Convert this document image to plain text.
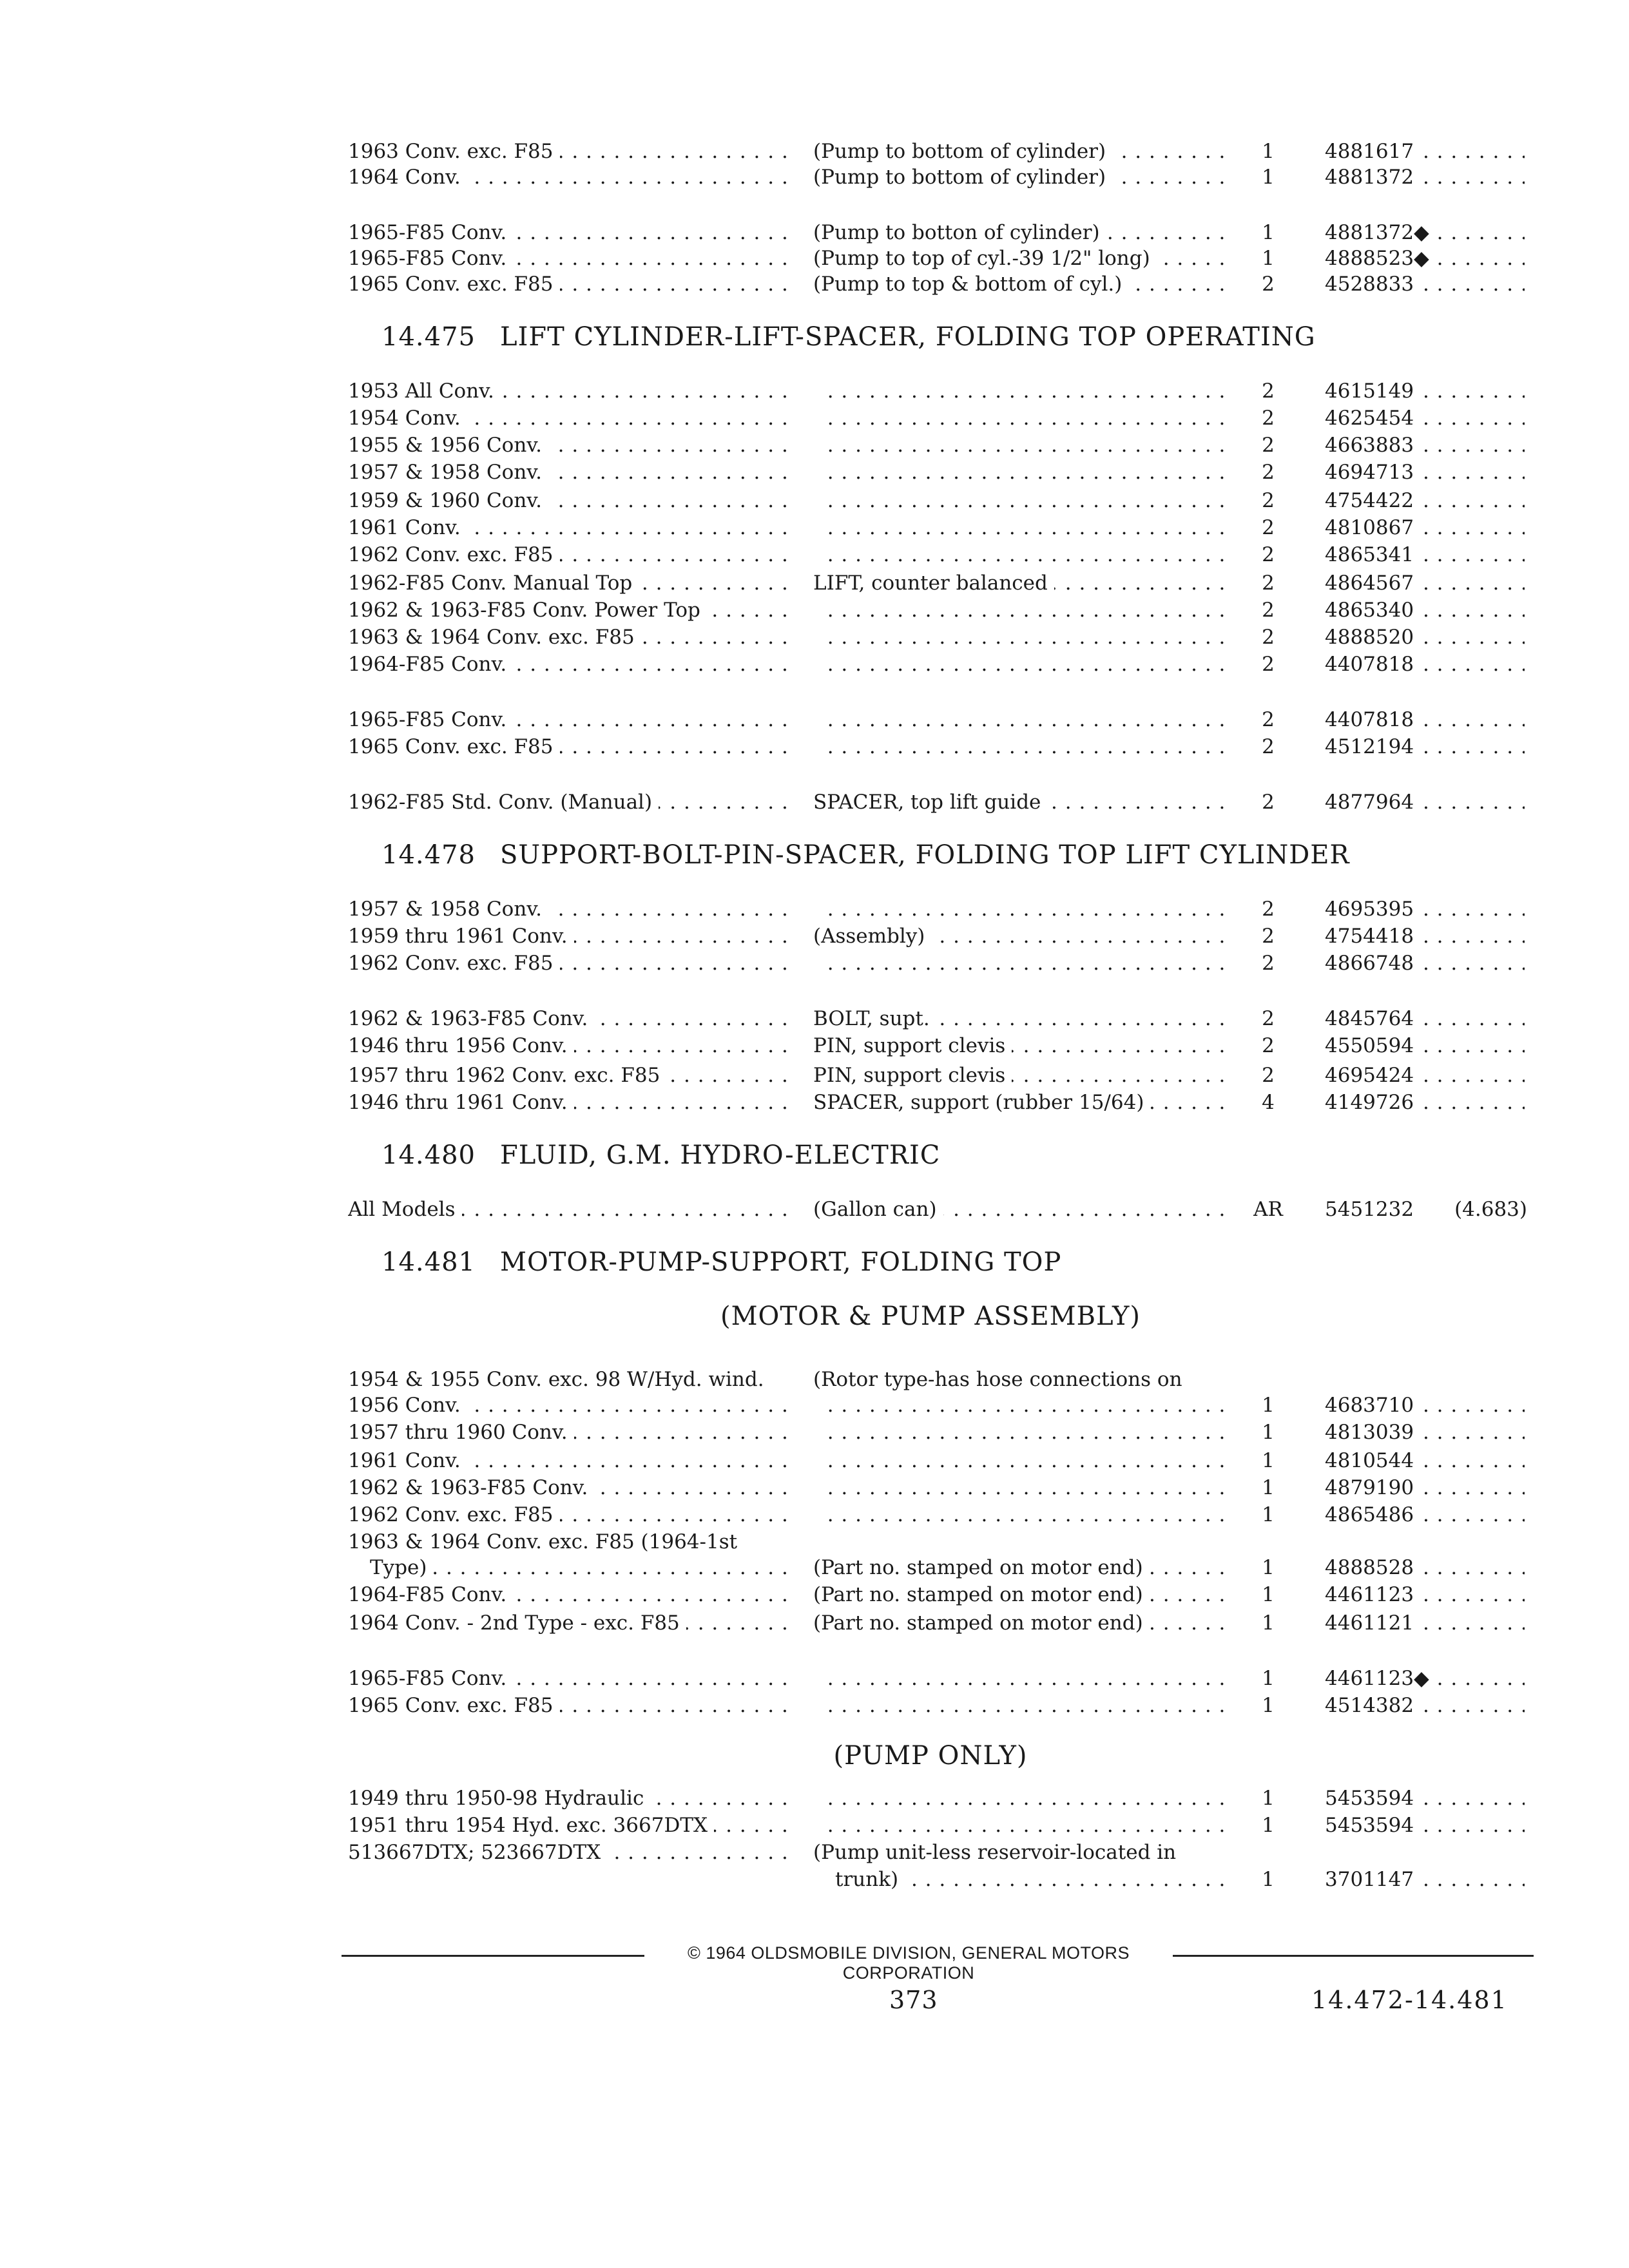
1963 Conv. exc. F85 . . .	(Pump to bottom of cylinder) . . .	1	4881617 . . .
1964 Conv. . . .	(Pump to bottom of cylinder) . . .	1	4881372 . . .
1965-F85 Conv. . . .	(Pump to botton of cylinder) . . .	1	4881372◆ . . .
1965-F85 Conv. . . .	(Pump to top of cyl.-39 1/2" long) . . .	1	4888523◆ . . .
1965 Conv. exc. F85 . . .	(Pump to top & bottom of cyl.) . . .	2	4528833 . . .
14.475 LIFT CYLINDER-LIFT-SPACER, FOLDING TOP OPERATING
1953 All Conv. . . . . . .	2	4615149 . . .
1954 Conv. . . . . . .	2	4625454 . . .
1955 & 1956 Conv. . . . . . .	2	4663883 . . .
1957 & 1958 Conv. . . . . . .	2	4694713 . . .
1959 & 1960 Conv. . . . . . .	2	4754422 . . .
1961 Conv. . . . . . .	2	4810867 . . .
1962 Conv. exc. F85 . . . . . .	2	4865341 . . .
1962-F85 Conv. Manual Top . . .	LIFT, counter balanced . . .	2	4864567 . . .
1962 & 1963-F85 Conv. Power Top . . . . . .	2	4865340 . . .
1963 & 1964 Conv. exc. F85 . . . . . .	2	4888520 . . .
1964-F85 Conv. . . . . . .	2	4407818 . . .
1965-F85 Conv. . . . . . .	2	4407818 . . .
1965 Conv. exc. F85 . . . . . .	2	4512194 . . .
1962-F85 Std. Conv. (Manual) . . .	SPACER, top lift guide . . .	2	4877964 . . .
14.478 SUPPORT-BOLT-PIN-SPACER, FOLDING TOP LIFT CYLINDER
1957 & 1958 Conv. . . . . . .	2	4695395 . . .
1959 thru 1961 Conv. . . .	(Assembly) . . .	2	4754418 . . .
1962 Conv. exc. F85 . . . . . .	2	4866748 . . .
1962 & 1963-F85 Conv. . . .	BOLT, supt. . . .	2	4845764 . . .
1946 thru 1956 Conv. . . .	PIN, support clevis . . .	2	4550594 . . .
1957 thru 1962 Conv. exc. F85 . . .	PIN, support clevis . . .	2	4695424 . . .
1946 thru 1961 Conv. . . .	SPACER, support (rubber 15/64) . . .	4	4149726 . . .
14.480 FLUID, G.M. HYDRO-ELECTRIC
All Models . . .	(Gallon can) . . .	AR	5451232	(4.683)
14.481 MOTOR-PUMP-SUPPORT, FOLDING TOP
(MOTOR & PUMP ASSEMBLY)
(PUMP ONLY)
1954 & 1955 Conv. exc. 98 W/Hyd. wind.	(Rotor type-has hose connections on
1956 Conv. . . . . . .	1	4683710 . . .
1957 thru 1960 Conv. . . . . . .	1	4813039 . . .
1961 Conv. . . . . . .	1	4810544 . . .
1962 & 1963-F85 Conv. . . . . . .	1	4879190 . . .
1962 Conv. exc. F85 . . . . . .	1	4865486 . . .
1963 & 1964 Conv. exc. F85 (1964-1st
Type) . . .	(Part no. stamped on motor end) . . .	1	4888528 . . .
1964-F85 Conv. . . .	(Part no. stamped on motor end) . . .	1	4461123 . . .
1964 Conv. - 2nd Type - exc. F85 . . .	(Part no. stamped on motor end) . . .	1	4461121 . . .
1965-F85 Conv. . . . . . .	1	4461123◆ . . .
1965 Conv. exc. F85 . . . . . .	1	4514382 . . .
1949 thru 1950-98 Hydraulic . . . . . .	1	5453594 . . .
1951 thru 1954 Hyd. exc. 3667DTX . . . . . .	1	5453594 . . .
513667DTX; 523667DTX . . .	(Pump unit-less reservoir-located in
trunk) . . .	1	3701147 . . .
© 1964 OLDSMOBILE DIVISION, GENERAL MOTORS CORPORATION
373	14.472-14.481
